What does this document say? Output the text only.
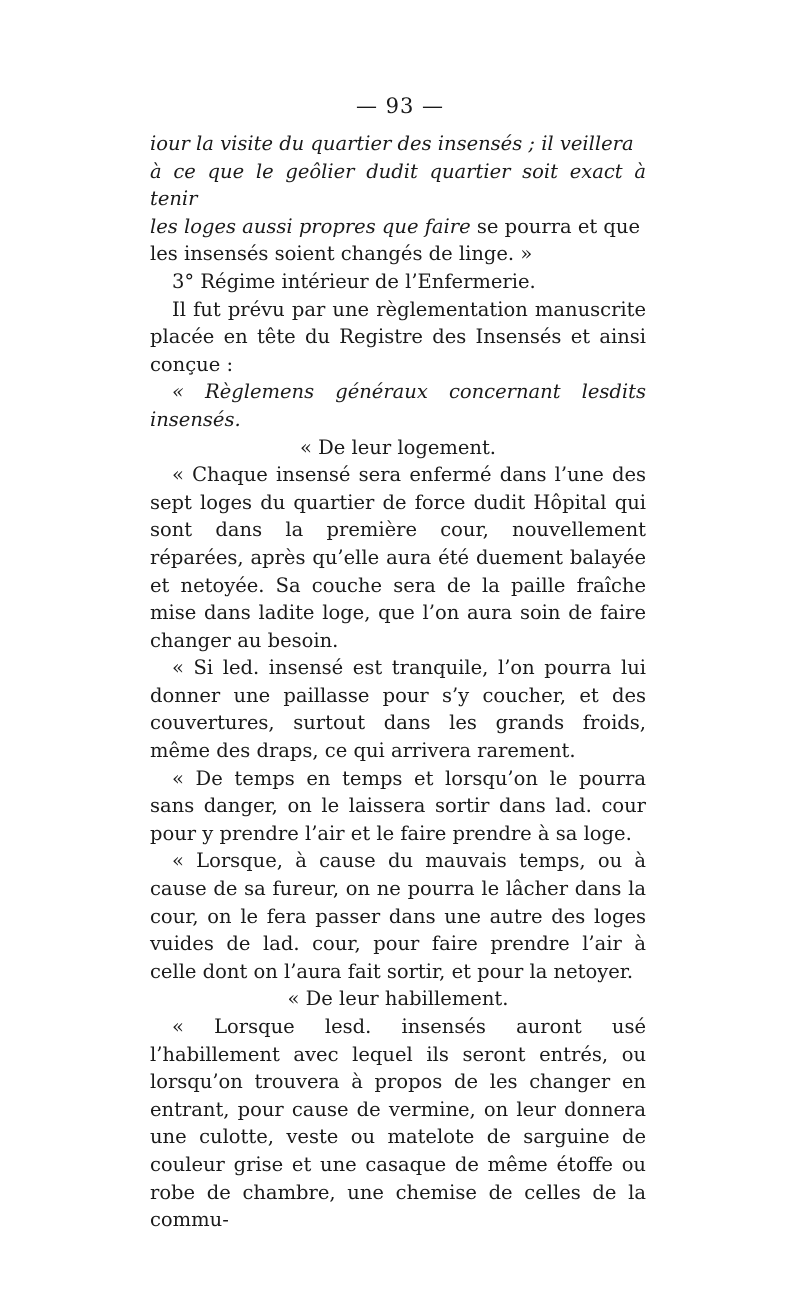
— 93 —

iour la visite du quartier des insensés ; il veillera

à ce que le geôlier dudit quartier soit exact à tenir

les loges aussi propres que faire se pourra et que

les insensés soient changés de linge. »

3° Régime intérieur de l’Enfermerie.

Il fut prévu par une règlementation manuscrite placée en tête du Registre des Insensés et ainsi conçue :

« Règlemens généraux concernant lesdits insensés.

« De leur logement.

« Chaque insensé sera enfermé dans l’une des sept loges du quartier de force dudit Hôpital qui sont dans la première cour, nouvellement réparées, après qu’elle aura été duement balayée et netoyée. Sa couche sera de la paille fraîche mise dans ladite loge, que l’on aura soin de faire changer au besoin.

« Si led. insensé est tranquile, l’on pourra lui donner une paillasse pour s’y coucher, et des couvertures, surtout dans les grands froids, même des draps, ce qui arrivera rarement.

« De temps en temps et lorsqu’on le pourra sans danger, on le laissera sortir dans lad. cour pour y prendre l’air et le faire prendre à sa loge.

« Lorsque, à cause du mauvais temps, ou à cause de sa fureur, on ne pourra le lâcher dans la cour, on le fera passer dans une autre des loges vuides de lad. cour, pour faire prendre l’air à celle dont on l’aura fait sortir, et pour la netoyer.

« De leur habillement.

« Lorsque lesd. insensés auront usé l’habillement avec lequel ils seront entrés, ou lorsqu’on trouvera à propos de les changer en entrant, pour cause de vermine, on leur donnera une culotte, veste ou matelote de sarguine de couleur grise et une casaque de même étoffe ou robe de chambre, une chemise de celles de la commu-
